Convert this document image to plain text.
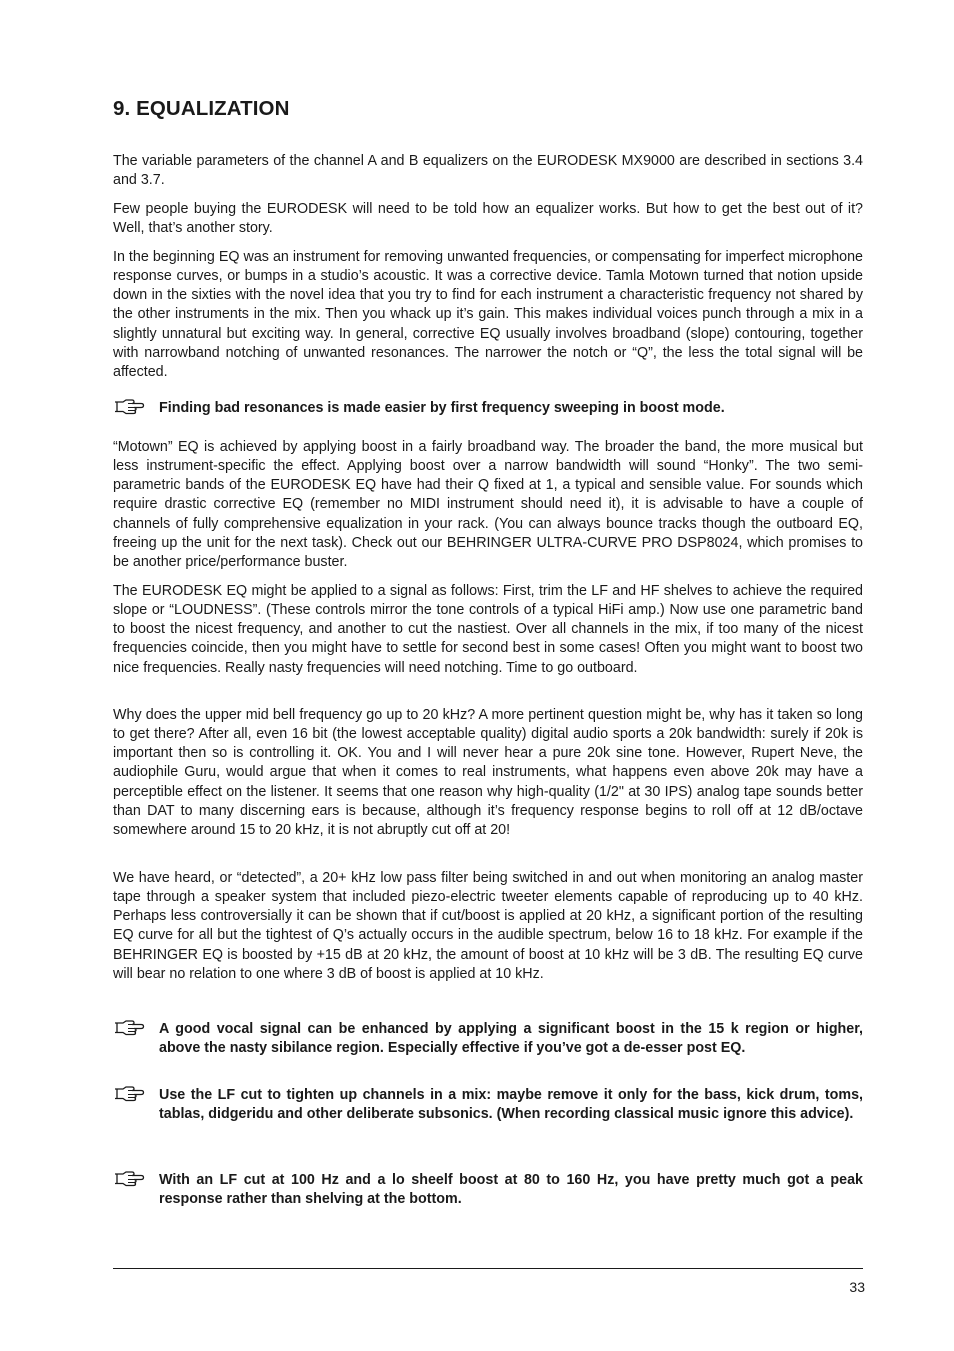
9. EQUALIZATION

The variable parameters of the channel A and B equalizers on the EURODESK MX9000 are described in sections 3.4 and 3.7.

Few people buying the EURODESK will need to be told how an equalizer works. But how to get the best out of it? Well, that’s another story.

In the beginning EQ was an instrument for removing unwanted frequencies, or compensating for imperfect microphone response curves, or bumps in a studio’s acoustic. It was a corrective device. Tamla Motown turned that notion upside down in the sixties with the novel idea that you try to find for each instrument a characteristic frequency not shared by the other instruments in the mix. Then you whack up it’s gain. This makes individual voices punch through a mix in a slightly unnatural but exciting way. In general, corrective EQ usually involves broadband (slope) contouring, together with narrowband notching of unwanted resonances. The narrower the notch or “Q”, the less the total signal will be affected.

Finding bad resonances is made easier by first frequency sweeping in boost mode.

“Motown” EQ is achieved by applying boost in a fairly broadband way. The broader the band, the more musical but less instrument-specific the effect. Applying boost over a narrow bandwidth will sound “Honky”. The two semi-parametric bands of the EURODESK EQ have had their Q fixed at 1, a typical and sensible value. For sounds which require drastic corrective EQ (remember no MIDI instrument should need it), it is advisable to have a couple of channels of fully comprehensive equalization in your rack. (You can always bounce tracks though the outboard EQ, freeing up the unit for the next task). Check out our BEHRINGER ULTRA-CURVE PRO DSP8024, which promises to be another price/performance buster.

The EURODESK EQ might be applied to a signal as follows: First, trim the LF and HF shelves to achieve the required slope or “LOUDNESS”. (These controls mirror the tone controls of a typical HiFi amp.) Now use one parametric band to boost the nicest frequency, and another to cut the nastiest. Over all channels in the mix, if too many of the nicest frequencies coincide, then you might have to settle for second best in some cases! Often you might want to boost two nice frequencies. Really nasty frequencies will need notching. Time to go outboard.

Why does the upper mid bell frequency go up to 20 kHz? A more pertinent question might be, why has it taken so long to get there? After all, even 16 bit (the lowest acceptable quality) digital audio sports a 20k bandwidth: surely if 20k is important then so is controlling it. OK. You and I will never hear a pure 20k sine tone. However, Rupert Neve, the audiophile Guru, would argue that when it comes to real instruments, what happens even above 20k may have a perceptible effect on the listener. It seems that one reason why high-quality (1/2" at 30 IPS) analog tape sounds better than DAT to many discerning ears is because, although it’s frequency response begins to roll off at 12 dB/octave somewhere around 15 to 20 kHz, it is not abruptly cut off at 20!

We have heard, or “detected”, a 20+ kHz low pass filter being switched in and out when monitoring an analog master tape through a speaker system that included piezo-electric tweeter elements capable of reproducing up to 40 kHz. Perhaps less controversially it can be shown that if cut/boost is applied at 20 kHz, a significant portion of the resulting EQ curve for all but the tightest of Q’s actually occurs in the audible spectrum, below 16 to 18 kHz. For example if the BEHRINGER EQ is boosted by +15 dB at 20 kHz, the amount of boost at 10 kHz will be 3 dB. The resulting EQ curve will bear no relation to one where 3 dB of boost is applied at 10 kHz.

A good vocal signal can be enhanced by applying a significant boost in the 15 k region or higher, above the nasty sibilance region. Especially effective if you’ve got a de-esser post EQ.

Use the LF cut to tighten up channels in a mix: maybe remove it only for the bass, kick drum, toms, tablas, didgeridu and other deliberate subsonics. (When recording classical music ignore this advice).

With an LF cut at 100 Hz and a lo sheelf boost at 80 to 160 Hz, you have pretty much got a peak response rather than shelving at the bottom.

33
